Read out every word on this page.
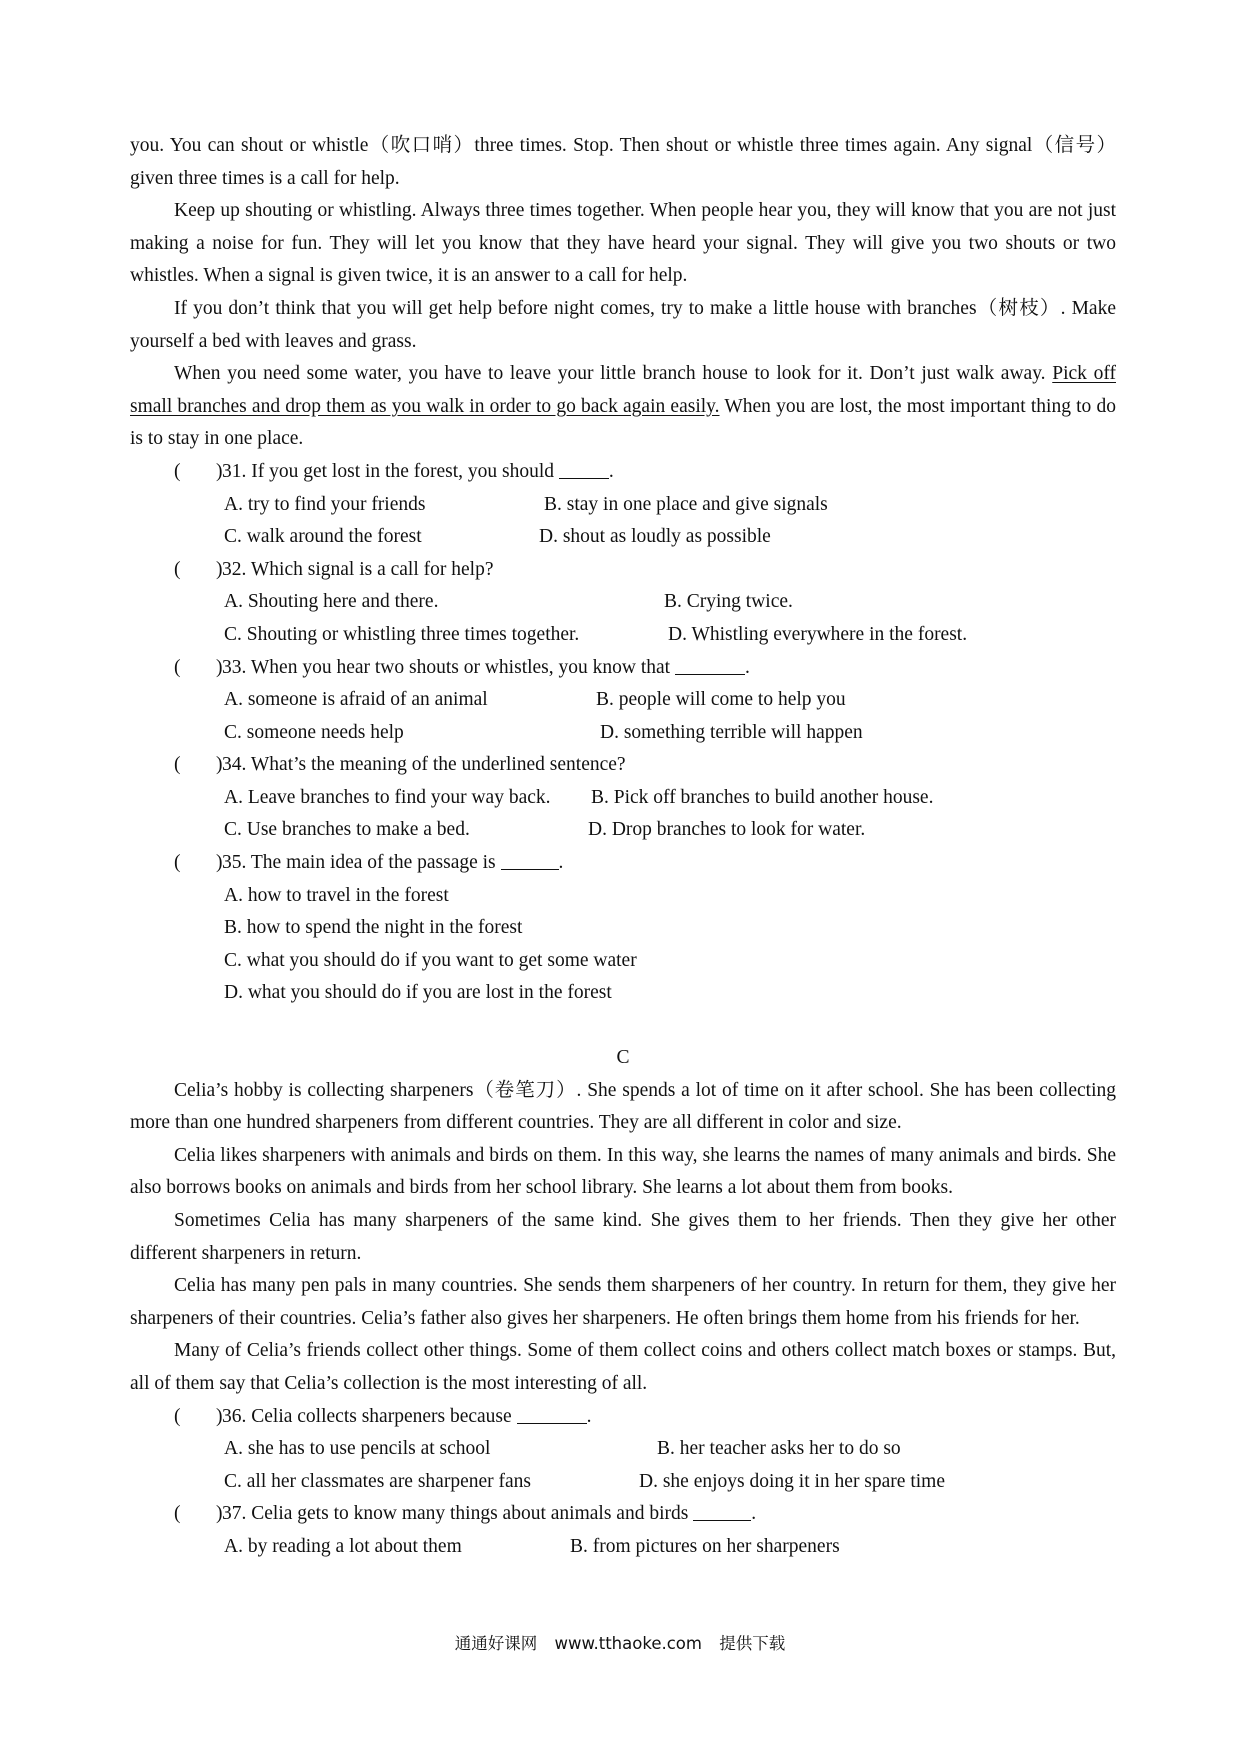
you. You can shout or whistle（吹口哨）three times. Stop. Then shout or whistle three times again. Any signal（信号）given three times is a call for help.

Keep up shouting or whistling. Always three times together. When people hear you, they will know that you are not just making a noise for fun. They will let you know that they have heard your signal. They will give you two shouts or two whistles. When a signal is given twice, it is an answer to a call for help.

If you don’t think that you will get help before night comes, try to make a little house with branches（树枝）. Make yourself a bed with leaves and grass.

When you need some water, you have to leave your little branch house to look for it. Don’t just walk away. Pick off small branches and drop them as you walk in order to go back again easily. When you are lost, the most important thing to do is to stay in one place.

( ) 31. If you get lost in the forest, you should	.
A. try to find your friends	B. stay in one place and give signals
C. walk around the forest	D. shout as loudly as possible
( ) 32. Which signal is a call for help?
A. Shouting here and there.	B. Crying twice.
C. Shouting or whistling three times together.	D. Whistling everywhere in the forest.
( ) 33. When you hear two shouts or whistles, you know that	.
A. someone is afraid of an animal	B. people will come to help you
C. someone needs help	D. something terrible will happen
( ) 34. What’s the meaning of the underlined sentence?
A. Leave branches to find your way back. B. Pick off branches to build another house.
C. Use branches to make a bed.	D. Drop branches to look for water.
( ) 35. The main idea of the passage is	.
A. how to travel in the forest
B. how to spend the night in the forest
C. what you should do if you want to get some water
D. what you should do if you are lost in the forest
C

Celia’s hobby is collecting sharpeners（卷笔刀）. She spends a lot of time on it after school. She has been collecting more than one hundred sharpeners from different countries. They are all different in color and size.

Celia likes sharpeners with animals and birds on them. In this way, she learns the names of many animals and birds. She also borrows books on animals and birds from her school library. She learns a lot about them from books.

Sometimes Celia has many sharpeners of the same kind. She gives them to her friends. Then they give her other different sharpeners in return.

Celia has many pen pals in many countries. She sends them sharpeners of her country. In return for them, they give her sharpeners of their countries. Celia’s father also gives her sharpeners. He often brings them home from his friends for her.

Many of Celia’s friends collect other things. Some of them collect coins and others collect match boxes or stamps. But, all of them say that Celia’s collection is the most interesting of all.

( ) 36. Celia collects sharpeners because	.
A. she has to use pencils at school	B. her teacher asks her to do so
C. all her classmates are sharpener fans	D. she enjoys doing it in her spare time
( ) 37. Celia gets to know many things about animals and birds	.
A. by reading a lot about them	B. from pictures on her sharpeners
通通好课网 www.tthaoke.com 提供下载
